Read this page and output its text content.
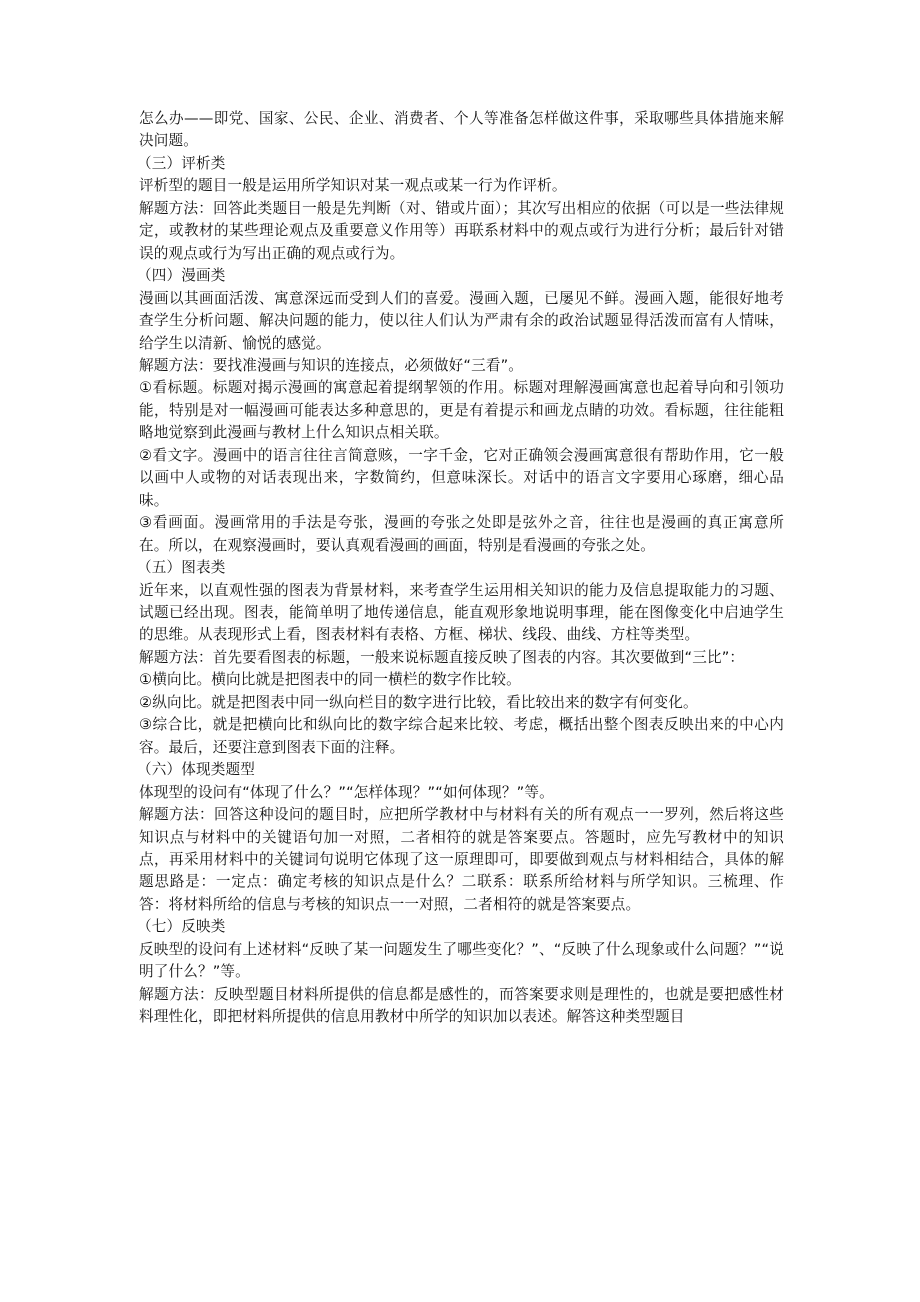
怎么办——即党、国家、公民、企业、消费者、个人等准备怎样做这件事，采取哪些具体措施来解决问题。

（三）评析类

评析型的题目一般是运用所学知识对某一观点或某一行为作评析。

解题方法：回答此类题目一般是先判断（对、错或片面）；其次写出相应的依据（可以是一些法律规定，或教材的某些理论观点及重要意义作用等）再联系材料中的观点或行为进行分析；最后针对错误的观点或行为写出正确的观点或行为。

（四）漫画类

漫画以其画面活泼、寓意深远而受到人们的喜爱。漫画入题，已屡见不鲜。漫画入题，能很好地考查学生分析问题、解决问题的能力，使以往人们认为严肃有余的政治试题显得活泼而富有人情味，给学生以清新、愉悦的感觉。

解题方法：要找准漫画与知识的连接点，必须做好“三看”。

①看标题。标题对揭示漫画的寓意起着提纲挈领的作用。标题对理解漫画寓意也起着导向和引领功能，特别是对一幅漫画可能表达多种意思的，更是有着提示和画龙点睛的功效。看标题，往往能粗略地觉察到此漫画与教材上什么知识点相关联。

②看文字。漫画中的语言往往言简意赅，一字千金，它对正确领会漫画寓意很有帮助作用，它一般以画中人或物的对话表现出来，字数简约，但意味深长。对话中的语言文字要用心琢磨，细心品味。

③看画面。漫画常用的手法是夸张，漫画的夸张之处即是弦外之音，往往也是漫画的真正寓意所在。所以，在观察漫画时，要认真观看漫画的画面，特别是看漫画的夸张之处。

（五）图表类

近年来，以直观性强的图表为背景材料，来考查学生运用相关知识的能力及信息提取能力的习题、试题已经出现。图表，能简单明了地传递信息，能直观形象地说明事理，能在图像变化中启迪学生的思维。从表现形式上看，图表材料有表格、方框、梯状、线段、曲线、方柱等类型。

解题方法：首先要看图表的标题，一般来说标题直接反映了图表的内容。其次要做到“三比”：

①横向比。横向比就是把图表中的同一横栏的数字作比较。

②纵向比。就是把图表中同一纵向栏目的数字进行比较，看比较出来的数字有何变化。

③综合比，就是把横向比和纵向比的数字综合起来比较、考虑，概括出整个图表反映出来的中心内容。最后，还要注意到图表下面的注释。

（六）体现类题型

体现型的设问有“体现了什么？”“怎样体现？”“如何体现？”等。

解题方法：回答这种设问的题目时，应把所学教材中与材料有关的所有观点一一罗列，然后将这些知识点与材料中的关键语句加一对照，二者相符的就是答案要点。答题时，应先写教材中的知识点，再采用材料中的关键词句说明它体现了这一原理即可，即要做到观点与材料相结合，具体的解题思路是：一定点：确定考核的知识点是什么？二联系：联系所给材料与所学知识。三梳理、作答：将材料所给的信息与考核的知识点一一对照，二者相符的就是答案要点。

（七）反映类

反映型的设问有上述材料“反映了某一问题发生了哪些变化？”、“反映了什么现象或什么问题？”“说明了什么？”等。

解题方法：反映型题目材料所提供的信息都是感性的，而答案要求则是理性的，也就是要把感性材料理性化，即把材料所提供的信息用教材中所学的知识加以表述。解答这种类型题目
